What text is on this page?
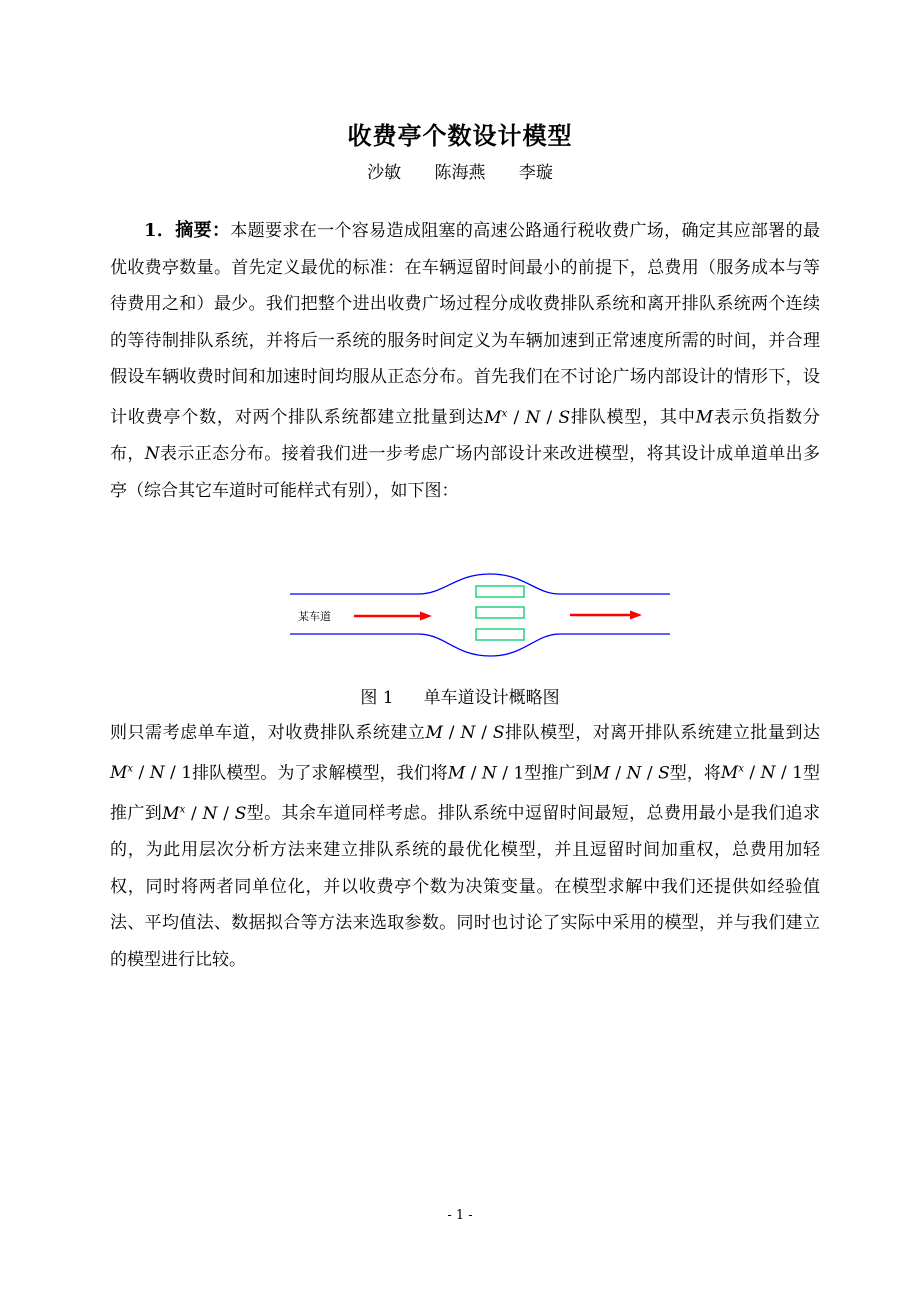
收费亭个数设计模型
沙敏 陈海燕 李璇

1．摘要：本题要求在一个容易造成阻塞的高速公路通行税收费广场，确定其应部署的最优收费亭数量。首先定义最优的标准：在车辆逗留时间最小的前提下，总费用（服务成本与等待费用之和）最少。我们把整个进出收费广场过程分成收费排队系统和离开排队系统两个连续的等待制排队系统，并将后一系统的服务时间定义为车辆加速到正常速度所需的时间，并合理假设车辆收费时间和加速时间均服从正态分布。首先我们在不讨论广场内部设计的情形下，设计收费亭个数，对两个排队系统都建立批量到达$M^x$ / N / S排队模型，其中M表示负指数分布，N表示正态分布。接着我们进一步考虑广场内部设计来改进模型，将其设计成单道单出多亭（综合其它车道时可能样式有别），如下图：

某车道
图 1 单车道设计概略图

则只需考虑单车道，对收费排队系统建立M / N / S排队模型，对离开排队系统建立批量到达$M^x$ / N / 1排队模型。为了求解模型，我们将M / N / 1型推广到M / N / S型，将$M^x$ / N / 1型推广到$M^x$ / N / S型。其余车道同样考虑。排队系统中逗留时间最短，总费用最小是我们追求的，为此用层次分析方法来建立排队系统的最优化模型，并且逗留时间加重权，总费用加轻权，同时将两者同单位化，并以收费亭个数为决策变量。在模型求解中我们还提供如经验值法、平均值法、数据拟合等方法来选取参数。同时也讨论了实际中采用的模型，并与我们建立的模型进行比较。

- 1 -
